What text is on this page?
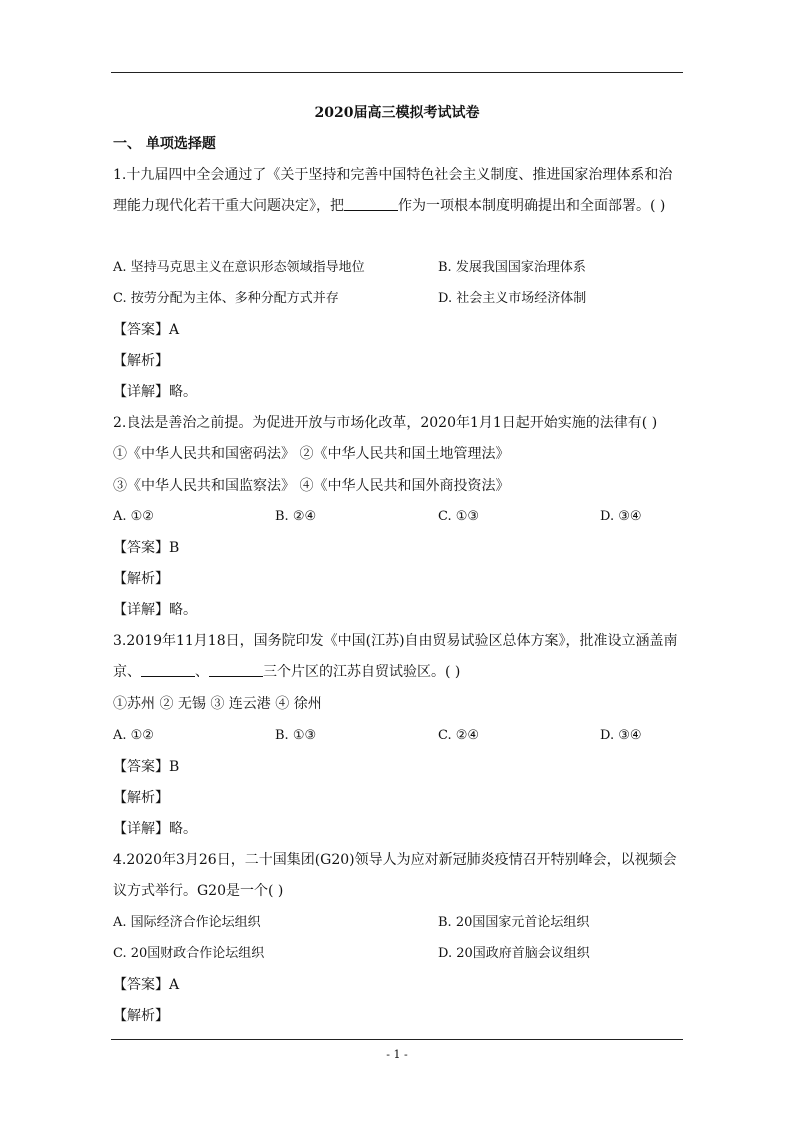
2020届高三模拟考试试卷
一、 单项选择题
1.十九届四中全会通过了《关于坚持和完善中国特色社会主义制度、推进国家治理体系和治理能力现代化若干重大问题决定》，把	作为一项根本制度明确提出和全面部署。( )
A. 坚持马克思主义在意识形态领域指导地位	B. 发展我国国家治理体系
C. 按劳分配为主体、多种分配方式并存	D. 社会主义市场经济体制
【答案】A
【解析】
【详解】略。
2.良法是善治之前提。为促进开放与市场化改革，2020年1月1日起开始实施的法律有( )
①《中华人民共和国密码法》 ②《中华人民共和国土地管理法》
③《中华人民共和国监察法》 ④《中华人民共和国外商投资法》
A. ①②	B. ②④	C. ①③	D. ③④
【答案】B
【解析】
【详解】略。
3.2019年11月18日，国务院印发《中国(江苏)自由贸易试验区总体方案》，批准设立涵盖南京、	、	三个片区的江苏自贸试验区。( )
①苏州 ② 无锡 ③ 连云港 ④ 徐州
A. ①②	B. ①③	C. ②④	D. ③④
【答案】B
【解析】
【详解】略。
4.2020年3月26日，二十国集团(G20)领导人为应对新冠肺炎疫情召开特别峰会，以视频会议方式举行。G20是一个( )
A. 国际经济合作论坛组织	B. 20国国家元首论坛组织
C. 20国财政合作论坛组织	D. 20国政府首脑会议组织
【答案】A
【解析】
- 1 -
